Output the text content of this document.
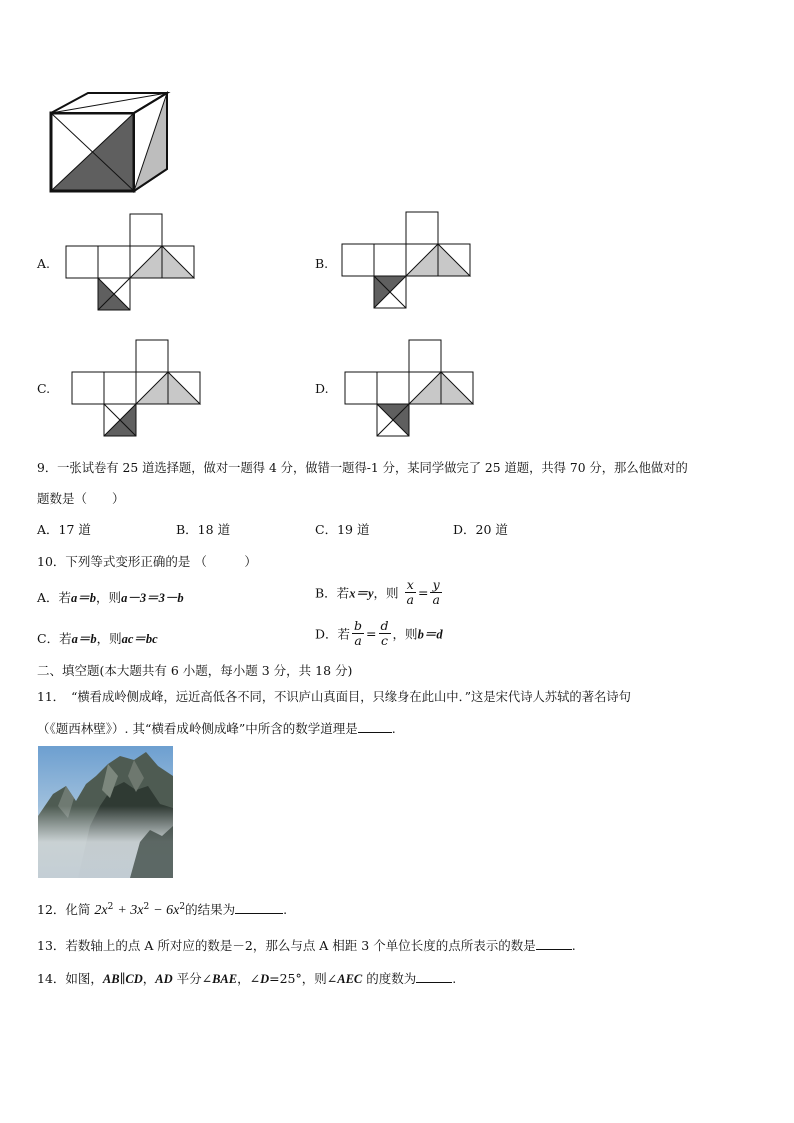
A.	B.
C.	D.
9．一张试卷有 25 道选择题，做对一题得 4 分，做错一题得-1 分，某同学做完了 25 道题，共得 70 分，那么他做对的
题数是（　　）
A．17 道	B．18 道	C．19 道	D．20 道
10．下列等式变形正确的是 （　　　）
A．若a＝b，则a－3＝3－b	B．若x＝y，则 $\frac{x}{a} = \frac{y}{a}$
C．若a＝b，则ac＝bc	D．若 $\frac{b}{a} = \frac{d}{c}$ ，则b＝d
二、填空题(本大题共有 6 小题，每小题 3 分，共 18 分)
11．　“横看成岭侧成峰，远近高低各不同，不识庐山真面目，只缘身在此山中．”这是宋代诗人苏轼的著名诗句
（《题西林壁》）. 其“横看成岭侧成峰”中所含的数学道理是	.
12．化简 $2x^2 + 3x^2 - 6x^2$的结果为	.
13．若数轴上的点 A 所对应的数是－2，那么与点 A 相距 3 个单位长度的点所表示的数是	.
14．如图，AB∥CD，AD 平分∠BAE，∠D=25°，则∠AEC 的度数为	.
